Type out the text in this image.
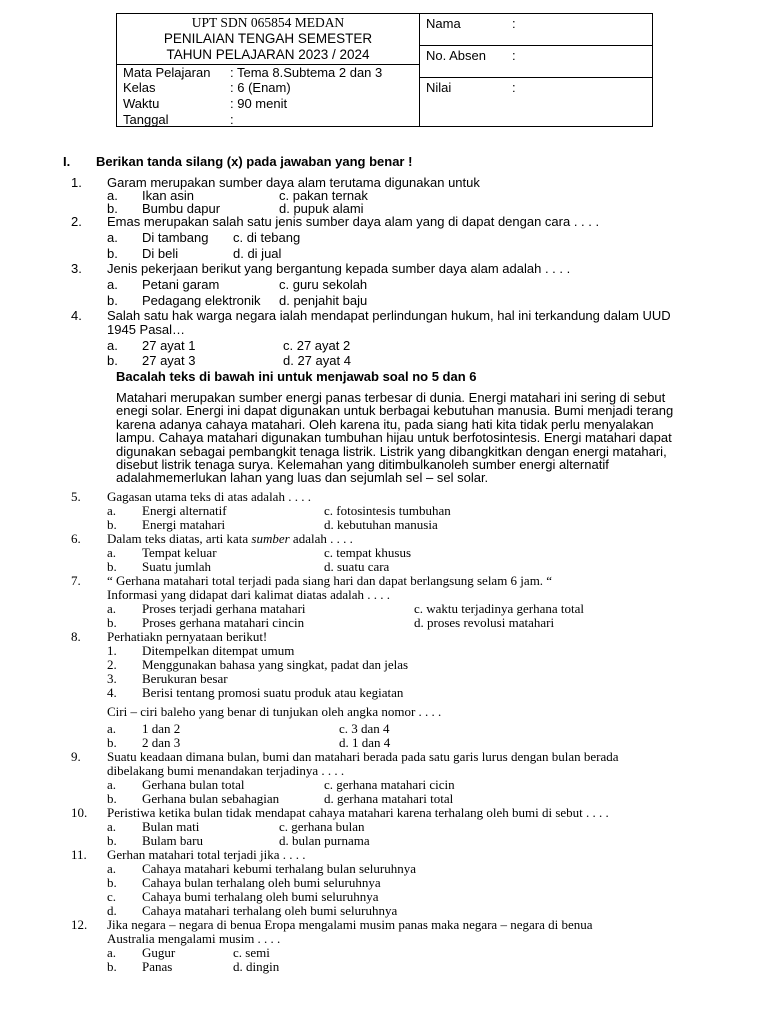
UPT SDN 065854 MEDAN
PENILAIAN TENGAH SEMESTER
TAHUN PELAJARAN 2023 / 2024
Mata Pelajaran : Tema 8.Subtema 2 dan 3
Kelas	: 6 (Enam)
Waktu	: 90 menit
Tanggal	:
Nama	:
No. Absen :
Nilai	:
I. Berikan tanda silang (x) pada jawaban yang benar !
1. Garam merupakan sumber daya alam terutama digunakan untuk
a. Ikan asin	c. pakan ternak
b. Bumbu dapur	d. pupuk alami
2. Emas merupakan salah satu jenis sumber daya alam yang di dapat dengan cara . . . .
a. Di tambang c. di tebang
b. Di beli	d. di jual
3. Jenis pekerjaan berikut yang bergantung kepada sumber daya alam adalah . . . .
a. Petani garam	c. guru sekolah
b. Pedagang elektronik d. penjahit baju
4. Salah satu hak warga negara ialah mendapat perlindungan hukum, hal ini terkandung dalam UUD
1945 Pasal…
a. 27 ayat 1	c. 27 ayat 2
b. 27 ayat 3	d. 27 ayat 4
Bacalah teks di bawah ini untuk menjawab soal no 5 dan 6
Matahari merupakan sumber energi panas terbesar di dunia. Energi matahari ini sering di sebut
enegi solar. Energi ini dapat digunakan untuk berbagai kebutuhan manusia. Bumi menjadi terang
karena adanya cahaya matahari. Oleh karena itu, pada siang hati kita tidak perlu menyalakan
lampu. Cahaya matahari digunakan tumbuhan hijau untuk berfotosintesis. Energi matahari dapat
digunakan sebagai pembangkit tenaga listrik. Listrik yang dibangkitkan dengan energi matahari,
disebut listrik tenaga surya. Kelemahan yang ditimbulkanoleh sumber energi alternatif
adalahmemerlukan lahan yang luas dan sejumlah sel – sel solar.
5. Gagasan utama teks di atas adalah . . . .
a. Energi alternatif	c. fotosintesis tumbuhan
b. Energi matahari	d. kebutuhan manusia
6. Dalam teks diatas, arti kata sumber adalah . . . .
a. Tempat keluar	c. tempat khusus
b. Suatu jumlah	d. suatu cara
7. “ Gerhana matahari total terjadi pada siang hari dan dapat berlangsung selam 6 jam. “
Informasi yang didapat dari kalimat diatas adalah . . . .
a. Proses terjadi gerhana matahari	c. waktu terjadinya gerhana total
b. Proses gerhana matahari cincin	d. proses revolusi matahari
8. Perhatiakn pernyataan berikut!
1. Ditempelkan ditempat umum
2. Menggunakan bahasa yang singkat, padat dan jelas
3. Berukuran besar
4. Berisi tentang promosi suatu produk atau kegiatan
Ciri – ciri baleho yang benar di tunjukan oleh angka nomor . . . .
a. 1 dan 2	c. 3 dan 4
b. 2 dan 3	d. 1 dan 4
9. Suatu keadaan dimana bulan, bumi dan matahari berada pada satu garis lurus dengan bulan berada
dibelakang bumi menandakan terjadinya . . . .
a. Gerhana bulan total	c. gerhana matahari cicin
b. Gerhana bulan sebahagian	d. gerhana matahari total
10. Peristiwa ketika bulan tidak mendapat cahaya matahari karena terhalang oleh bumi di sebut . . . .
a. Bulan mati	c. gerhana bulan
b. Bulam baru	d. bulan purnama
11. Gerhan matahari total terjadi jika . . . .
a. Cahaya matahari kebumi terhalang bulan seluruhnya
b. Cahaya bulan terhalang oleh bumi seluruhnya
c. Cahaya bumi terhalang oleh bumi seluruhnya
d. Cahaya matahari terhalang oleh bumi seluruhnya
12. Jika negara – negara di benua Eropa mengalami musim panas maka negara – negara di benua
Australia mengalami musim . . . .
a. Gugur	c. semi
b. Panas	d. dingin
